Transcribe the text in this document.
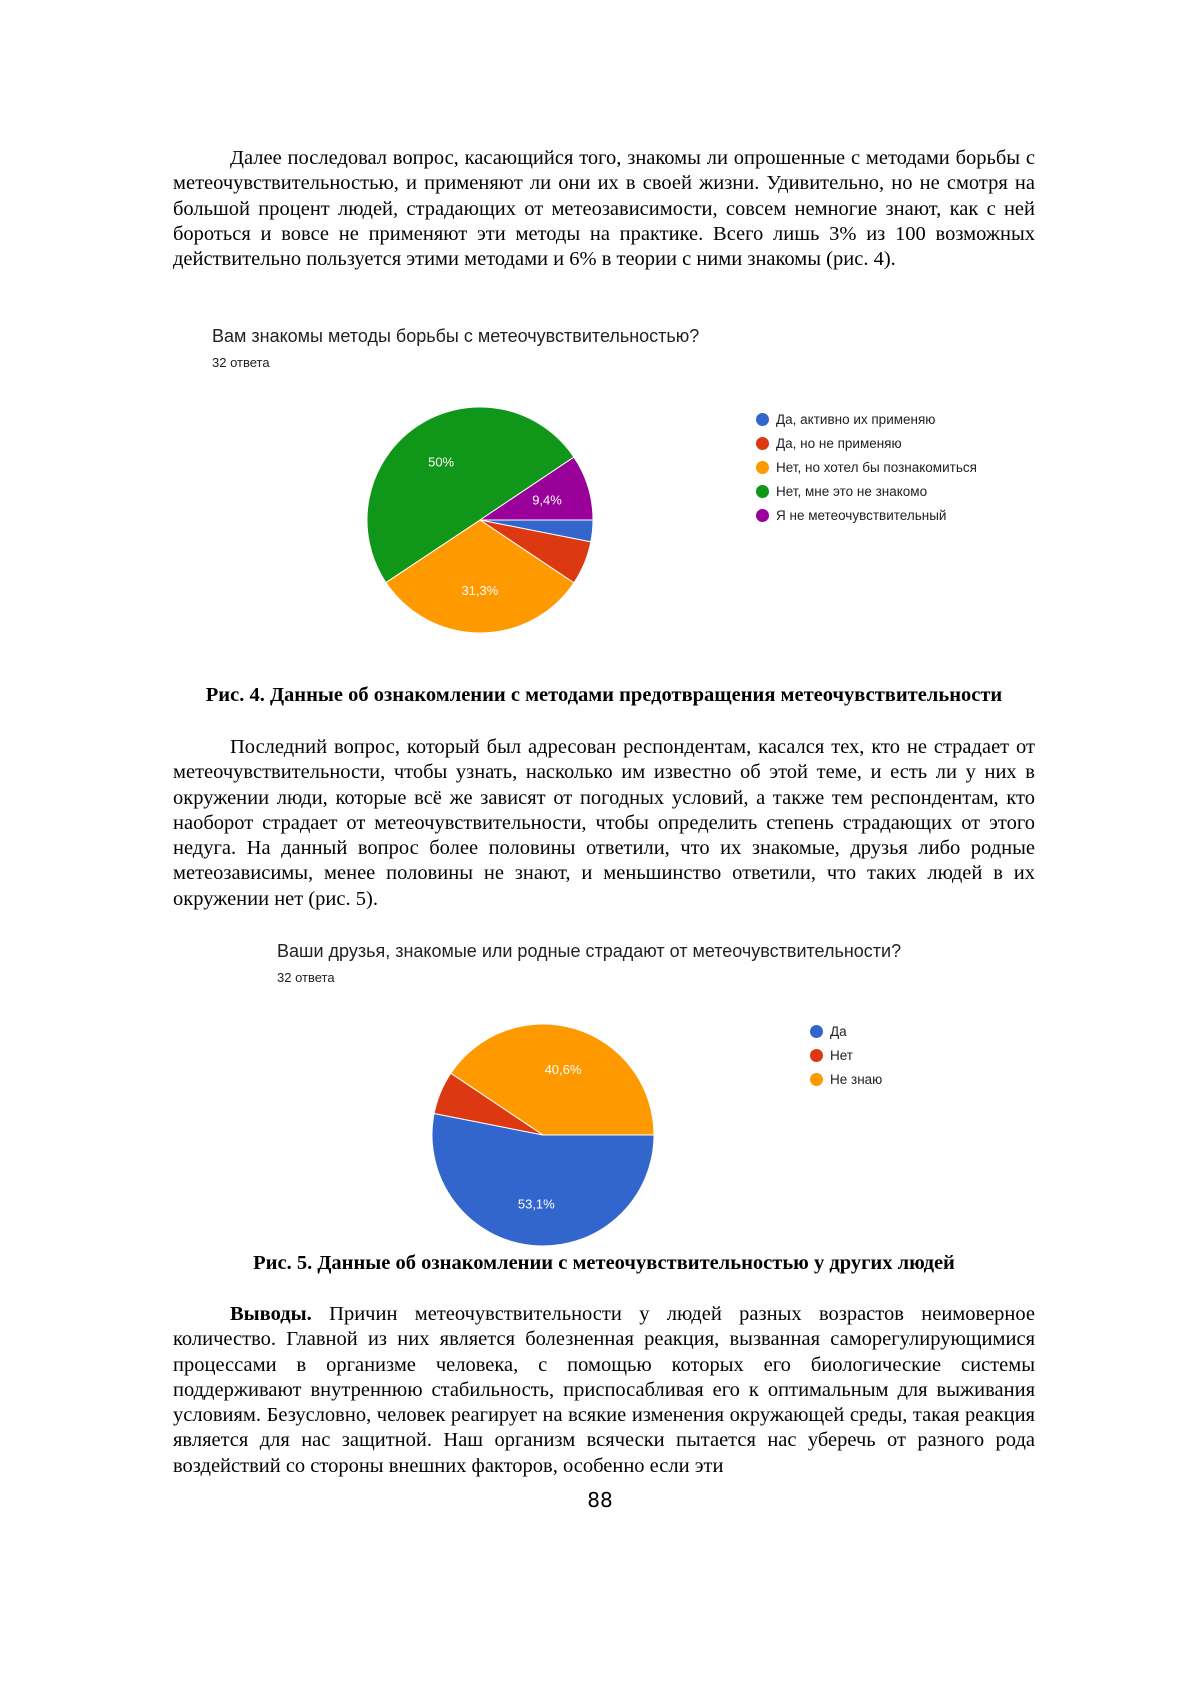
Далее последовал вопрос, касающийся того, знакомы ли опрошенные с методами борьбы с метеочувствительностью, и применяют ли они их в своей жизни. Удивительно, но не смотря на большой процент людей, страдающих от метеозависимости, совсем немногие знают, как с ней бороться и вовсе не применяют эти методы на практике. Всего лишь 3% из 100 возможных действительно пользуется этими методами и 6% в теории с ними знакомы (рис. 4).

Вам знакомы методы борьбы с метеочувствительностью?
32 ответа
31,3%
50%
9,4%
Да, активно их применяю
Да, но не применяю
Нет, но хотел бы познакомиться
Нет, мне это не знакомо
Я не метеочувствительный

Рис. 4. Данные об ознакомлении с методами предотвращения метеочувствительности

Последний вопрос, который был адресован респондентам, касался тех, кто не страдает от метеочувствительности, чтобы узнать, насколько им известно об этой теме, и есть ли у них в окружении люди, которые всё же зависят от погодных условий, а также тем респондентам, кто наоборот страдает от метеочувствительности, чтобы определить степень страдающих от этого недуга. На данный вопрос более половины ответили, что их знакомые, друзья либо родные метеозависимы, менее половины не знают, и меньшинство ответили, что таких людей в их окружении нет (рис. 5).

Ваши друзья, знакомые или родные страдают от метеочувствительности?
32 ответа
53,1%
40,6%
Да
Нет
Не знаю

Рис. 5. Данные об ознакомлении с метеочувствительностью у других людей

Выводы. Причин метеочувствительности у людей разных возрастов неимоверное количество. Главной из них является болезненная реакция, вызванная саморегулирующимися процессами в организме человека, с помощью которых его биологические системы поддерживают внутреннюю стабильность, приспосабливая его к оптимальным для выживания условиям. Безусловно, человек реагирует на всякие изменения окружающей среды, такая реакция является для нас защитной. Наш организм всячески пытается нас уберечь от разного рода воздействий со стороны внешних факторов, особенно если эти

88
